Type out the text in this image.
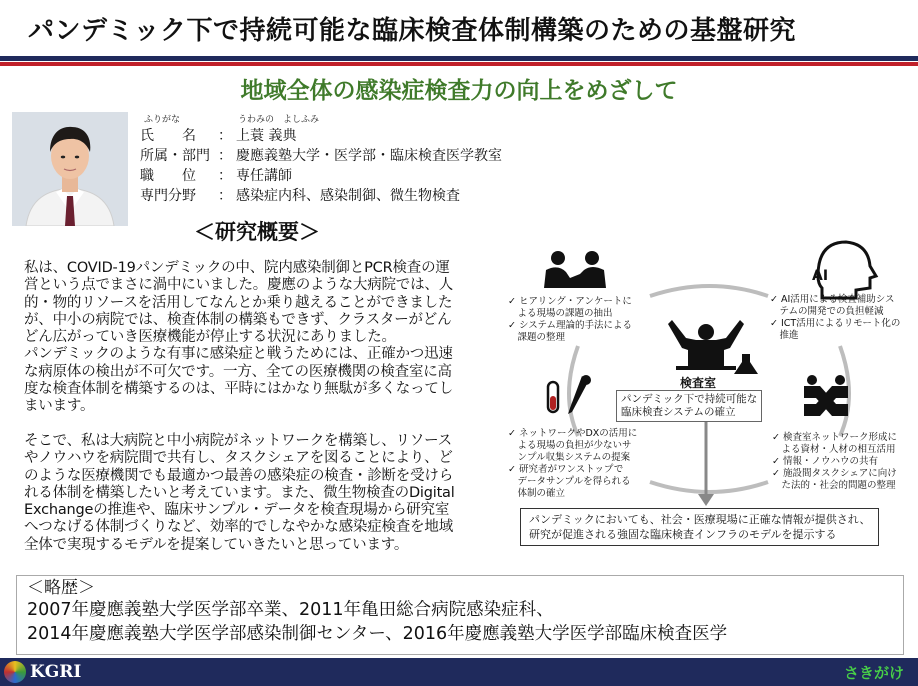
パンデミック下で持続可能な臨床検査体制構築のための基盤研究
地域全体の感染症検査力の向上をめざして
ふりがな	うわみの　よしふみ
氏　　名	： 上蓑 義典
所属・部門 ： 慶應義塾大学・医学部・臨床検査医学教室
職　　位	： 専任講師
専門分野	： 感染症内科、感染制御、微生物検査
＜研究概要＞

私は、COVID-19パンデミックの中、院内感染制御とPCR検査の運
営という点でまさに渦中にいました。慶應のような大病院では、人
的・物的リソースを活用してなんとか乗り越えることができました
が、中小の病院では、検査体制の構築もできず、クラスターがどん
どん広がっていき医療機能が停止する状況にありました。
パンデミックのような有事に感染症と戦うためには、正確かつ迅速
な病原体の検出が不可欠です。一方、全ての医療機関の検査室に高
度な検査体制を構築するのは、平時にはかなり無駄が多くなってし
まいます。

そこで、私は大病院と中小病院がネットワークを構築し、リソース
やノウハウを病院間で共有し、タスクシェアを図ることにより、ど
のような医療機関でも最適かつ最善の感染症の検査・診断を受けら
れる体制を構築したいと考えています。また、微生物検査のDigital
Exchangeの推進や、臨床サンプル・データを検査現場から研究室
へつなげる体制づくりなど、効率的でしなやかな感染症検査を地域
全体で実現するモデルを提案していきたいと思っています。

AI
✓ ヒアリング・アンケートに
　よる現場の課題の抽出
✓ システム理論的手法による
　課題の整理
✓ AI活用による検査補助シス
　テムの開発での負担軽減
✓ ICT活用によるリモート化の
　推進
検査室
パンデミック下で持続可能な
臨床検査システムの確立
✓ ネットワークやDXの活用に
　よる現場の負担が少ないサ
　ンプル収集システムの提案
✓ 研究者がワンストップで
　データサンプルを得られる
　体制の確立
✓ 検査室ネットワーク形成に
　よる資材・人材の相互活用
✓ 情報・ノウハウの共有
✓ 施設間タスクシェアに向け
　た法的・社会的問題の整理
パンデミックにおいても、社会・医療現場に正確な情報が提供され、
研究が促進される強固な臨床検査インフラのモデルを提示する
＜略歴＞
2007年慶應義塾大学医学部卒業、2011年亀田総合病院感染症科、
2014年慶應義塾大学医学部感染制御センター、2016年慶應義塾大学医学部臨床検査医学
KGRI	さきがけ
